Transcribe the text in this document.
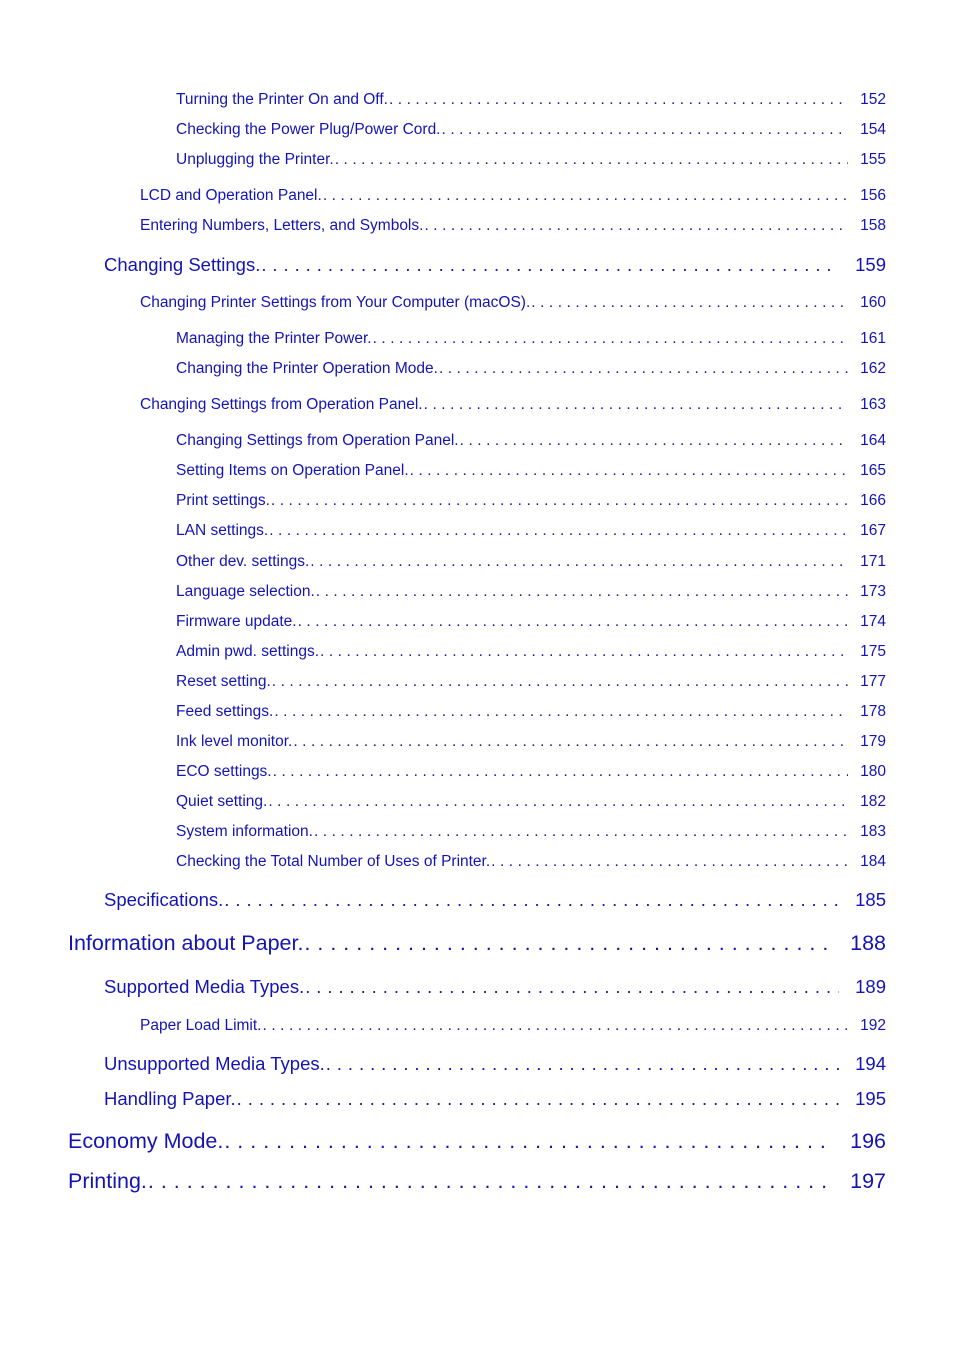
Turning the Printer On and Off. . . .	152
Checking the Power Plug/Power Cord. . . .	154
Unplugging the Printer. . . .	155
LCD and Operation Panel. . . .	156
Entering Numbers, Letters, and Symbols. . . .	158
Changing Settings. . . .	159
Changing Printer Settings from Your Computer (macOS). . . .	160
Managing the Printer Power. . . .	161
Changing the Printer Operation Mode. . . .	162
Changing Settings from Operation Panel. . . .	163
Changing Settings from Operation Panel. . . .	164
Setting Items on Operation Panel. . . .	165
Print settings. . . .	166
LAN settings. . . .	167
Other dev. settings. . . .	171
Language selection. . . .	173
Firmware update. . . .	174
Admin pwd. settings. . . .	175
Reset setting. . . .	177
Feed settings. . . .	178
Ink level monitor. . . .	179
ECO settings. . . .	180
Quiet setting. . . .	182
System information. . . .	183
Checking the Total Number of Uses of Printer. . . .	184
Specifications. . . .	185
Information about Paper. . . .	188
Supported Media Types. . . .	189
Paper Load Limit. . . .	192
Unsupported Media Types. . . .	194
Handling Paper. . . .	195
Economy Mode. . . .	196
Printing. . . .	197
